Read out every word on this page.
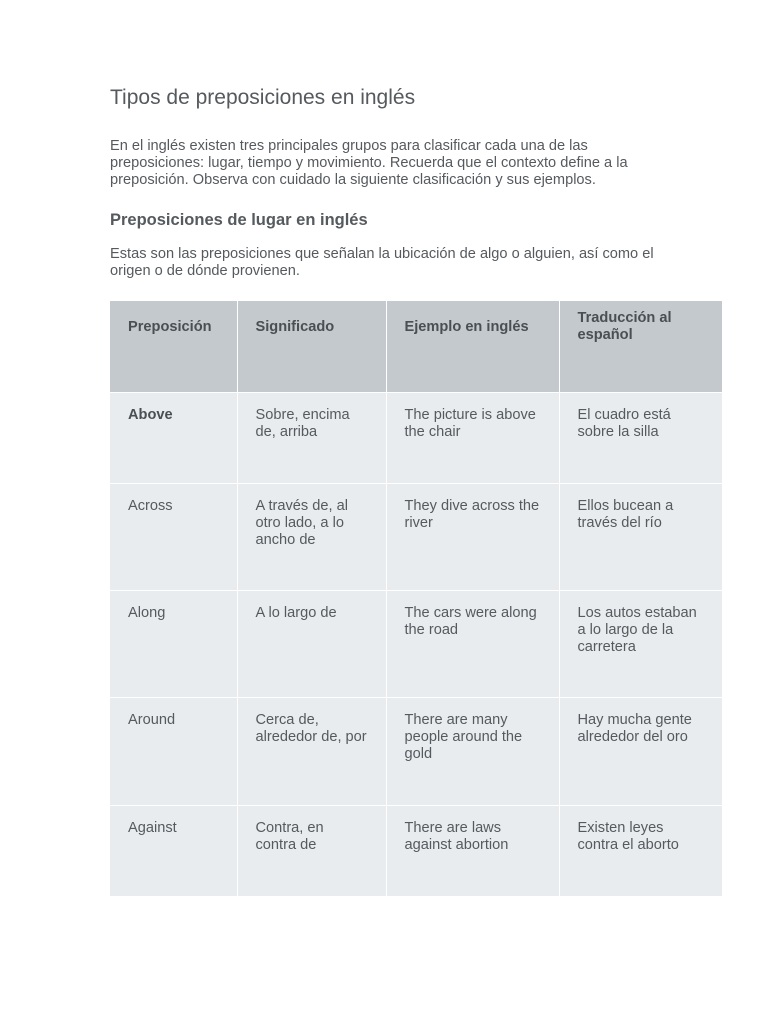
Tipos de preposiciones en inglés

En el inglés existen tres principales grupos para clasificar cada una de las preposiciones: lugar, tiempo y movimiento. Recuerda que el contexto define a la preposición. Observa con cuidado la siguiente clasificación y sus ejemplos.

Preposiciones de lugar en inglés

Estas son las preposiciones que señalan la ubicación de algo o alguien, así como el origen o de dónde provienen.

Preposición	Significado	Ejemplo en inglés	Traducción al español

Above	Sobre, encima de, arriba	The picture is above the chair	El cuadro está sobre la silla
Across	A través de, al otro lado, a lo ancho de	They dive across the river	Ellos bucean a través del río
Along	A lo largo de	The cars were along the road	Los autos estaban a lo largo de la carretera
Around	Cerca de, alrededor de, por	There are many people around the gold	Hay mucha gente alrededor del oro
Against	Contra, en contra de	There are laws against abortion	Existen leyes contra el aborto
